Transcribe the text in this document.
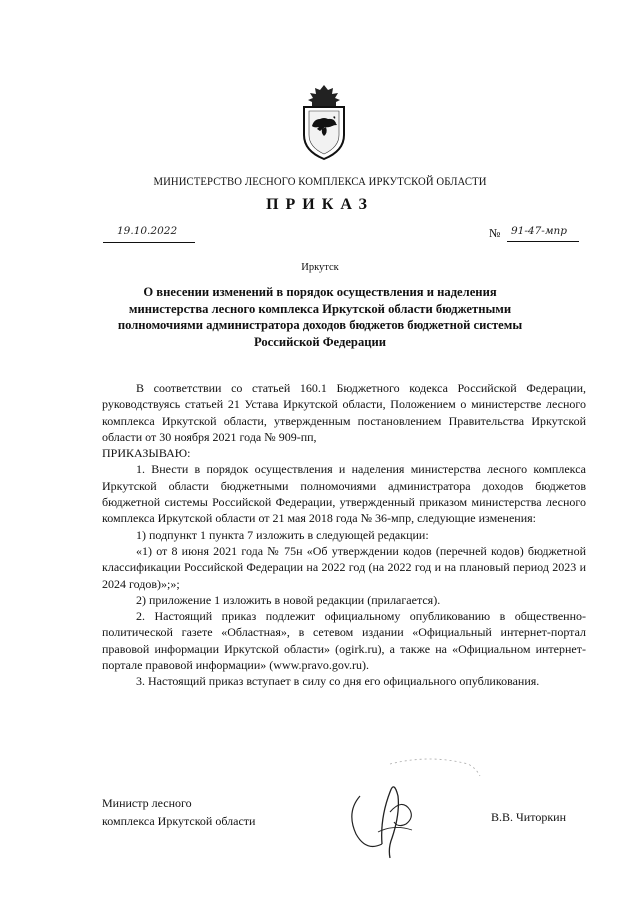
МИНИСТЕРСТВО ЛЕСНОГО КОМПЛЕКСА ИРКУТСКОЙ ОБЛАСТИ
ПРИКАЗ
19.10.2022	№ 91-47-мпр
Иркутск
О внесении изменений в порядок осуществления и наделения министерства лесного комплекса Иркутской области бюджетными полномочиями администратора доходов бюджетов бюджетной системы Российской Федерации

В соответствии со статьей 160.1 Бюджетного кодекса Российской Федерации, руководствуясь статьей 21 Устава Иркутской области, Положением о министерстве лесного комплекса Иркутской области, утвержденным постановлением Правительства Иркутской области от 30 ноября 2021 года № 909-пп,

ПРИКАЗЫВАЮ:

1. Внести в порядок осуществления и наделения министерства лесного комплекса Иркутской области бюджетными полномочиями администратора доходов бюджетов бюджетной системы Российской Федерации, утвержденный приказом министерства лесного комплекса Иркутской области от 21 мая 2018 года № 36-мпр, следующие изменения:

1) подпункт 1 пункта 7 изложить в следующей редакции:

«1) от 8 июня 2021 года № 75н «Об утверждении кодов (перечней кодов) бюджетной классификации Российской Федерации на 2022 год (на 2022 год и на плановый период 2023 и 2024 годов)»;»;

2) приложение 1 изложить в новой редакции (прилагается).

2. Настоящий приказ подлежит официальному опубликованию в общественно-политической газете «Областная», в сетевом издании «Официальный интернет-портал правовой информации Иркутской области» (ogirk.ru), а также на «Официальном интернет-портале правовой информации» (www.pravo.gov.ru).

3. Настоящий приказ вступает в силу со дня его официального опубликования.

Министр лесного
комплекса Иркутской области	В.В. Читоркин
